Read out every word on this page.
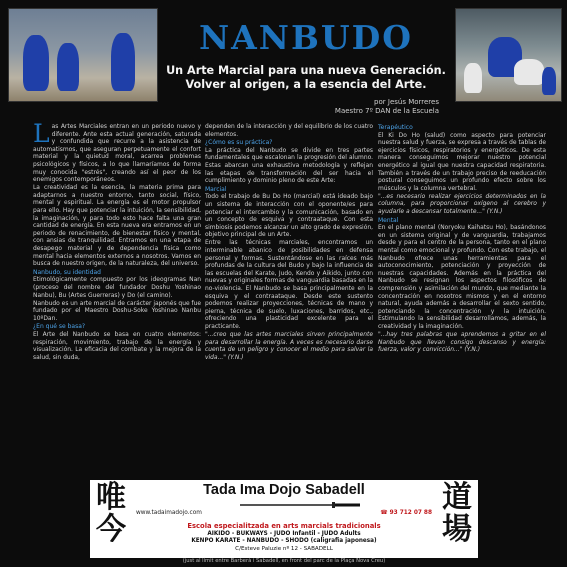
NANBUDO
Un Arte Marcial para una nueva Generación.
Volver al origen, a la esencia del Arte.
por Jesús Morreres
Maestro 7º DAN de la Escuela

Las Artes Marciales entran en un periodo nuevo y diferente. Ante esta actual generación, saturada y confundida que recurre a la asistencia de automatismos, que aseguran perpetuamente el confort material y la quietud moral, acarrea problemas psicológicos y físicos, a lo que llamaríamos de forma muy conocida "estrés", creando así el peor de los enemigos contemporáneos.

La creatividad es la esencia, la materia prima para adaptarnos a nuestro entorno, tanto social, físico, mental y espiritual. La energía es el motor propulsor para ello. Hay que potenciar la intuición, la sensibilidad, la imaginación, y para todo esto hace falta una gran cantidad de energía. En esta nueva era entramos en un periodo de renacimiento, de bienestar físico y mental, con ansias de tranquilidad. Entramos en una etapa de desapego material y de dependencia física como mental hacia elementos externos a nosotros. Vamos en busca de nuestro origen, de la naturaleza, del universo.

Nanbudo, su identidad

Etimológicamente compuesto por los ideogramas Nan (proceso del nombre del fundador Doshu Yoshinao Nanbu), Bu (Artes Guerreras) y Do (el camino).

Nanbudo es un arte marcial de carácter japonés que fue fundado por el Maestro Doshu-Soke Yoshinao Nanbu 10ºDan.

¿En qué se basa?

El Arte del Nanbudo se basa en cuatro elementos: respiración, movimiento, trabajo de la energía y visualización. La eficacia del combate y la mejora de la salud, sin duda,

dependen de la interacción y del equilibrio de los cuatro elementos.

¿Cómo es su práctica?

La práctica del Nanbudo se divide en tres partes fundamentales que escalonan la progresión del alumno. Estas abarcan una exhaustiva metodología y reflejan las etapas de transformación del ser hacia el cumplimiento y dominio pleno de este Arte:

Marcial

Todo el trabajo de Bu Do Ho (marcial) está ideado bajo un sistema de interacción con el oponente/es para potenciar el intercambio y la comunicación, basado en un concepto de esquiva y contraataque. Con esta simbiosis podemos alcanzar un alto grado de expresión, objetivo principal de un Arte.

Entre las técnicas marciales, encontramos un interminable abanico de posibilidades en defensa personal y formas. Sustentándose en las raíces más profundas de la cultura del Budo y bajo la influencia de las escuelas del Karate, Judo, Kendo y Aikido, junto con nuevas y originales formas de vanguardia basadas en la no-violencia. El Nanbudo se basa principalmente en la esquiva y el contraataque. Desde este sustento podemos realizar proyecciones, técnicas de mano y pierna, técnica de suelo, luxaciones, barridos, etc., ofreciendo una plasticidad excelente para el practicante.

"...creo que las artes marciales sirven principalmente para desarrollar la energía. A veces es necesario darse cuenta de un peligro y conocer el medio para salvar la vida..." (Y.N.)

Terapéutico

El Ki Do Ho (salud) como aspecto para potenciar nuestra salud y fuerza, se expresa a través de tablas de ejercicios físicos, respiratorios y energéticos. De esta manera conseguimos mejorar nuestro potencial energético al igual que nuestra capacidad respiratoria. También a través de un trabajo preciso de reeducación postural conseguimos un profundo efecto sobre los músculos y la columna vertebral.

"...es necesario realizar ejercicios determinados en la columna, para proporcionar oxígeno al cerebro y ayudarle a descansar totalmente..." (Y.N.)

Mental

En el plano mental (Noryoku Kaihatsu Ho), basándonos en un sistema original y de vanguardia, trabajamos desde y para el centro de la persona, tanto en el plano mental como emocional y profundo. Con este trabajo, el Nanbudo ofrece unas herramientas para el autoconocimiento, potenciación y proyección de nuestras capacidades. Además en la práctica del Nanbudo se resignan los aspectos filosóficos de comprensión y asimilación del mundo, que mediante la concentración en nosotros mismos y en el entorno natural, ayuda además a desarrollar el sexto sentido, potenciando la concentración y la intuición. Estimulando la sensibilidad desarrollamos, además, la creatividad y la imaginación.

"...hay tres palabras que aprendemos a gritar en el Nanbudo que llevan consigo descanso y energía: fuerza, valor y convicción..." (Y.N.)

唯今
Tada Ima Dojo Sabadell
www.tadaimadojo.com	☎ 93 712 07 88
Escola especialitzada en arts marcials tradicionals
AIKIDO - BUKWAYS - JUDO Infantil - JUDO Adults
KENPO KARATE - NANBUDO - SHODO (caligrafia japonesa)
C/Esteve Paluzie nº 12 - SABADELL
道場
(just al límit entre Barberà i Sabadell, en front del parc de la Plaça Nova Creu)
